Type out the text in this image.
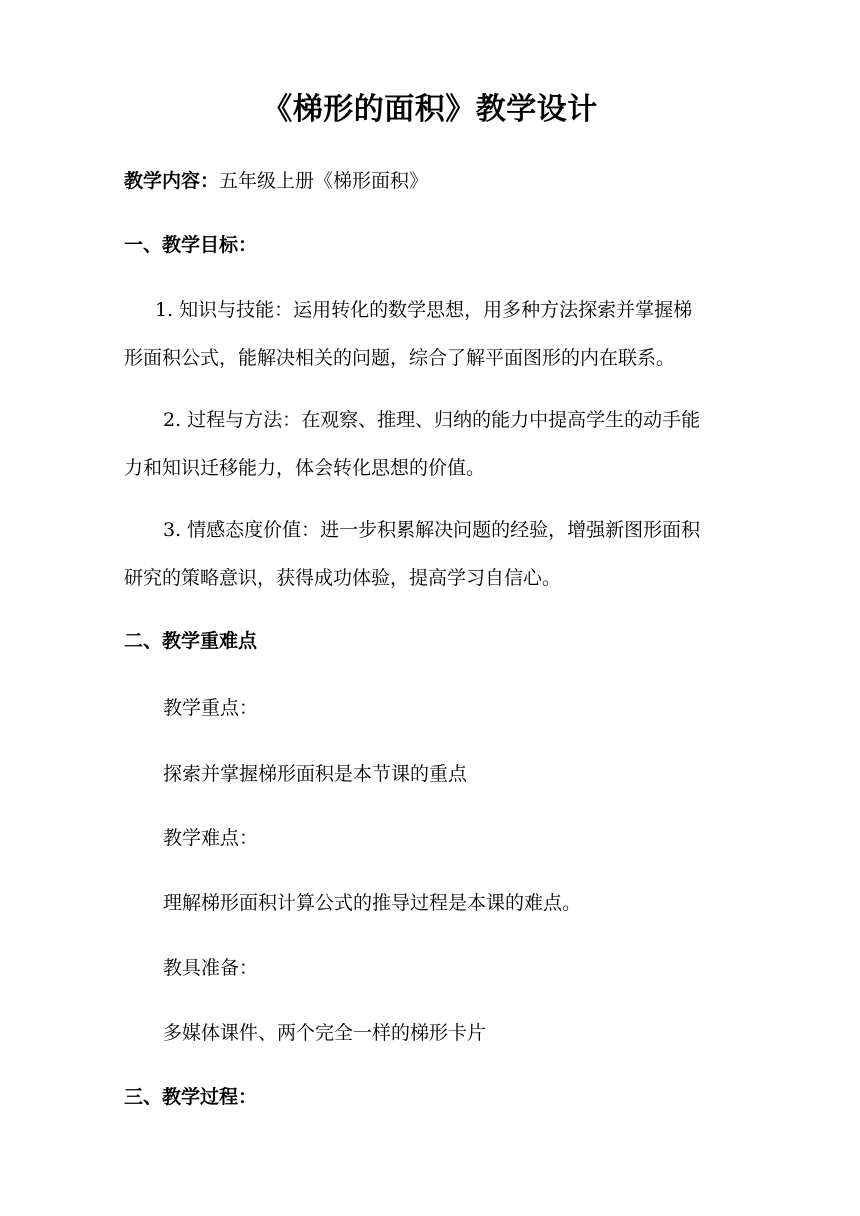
《梯形的面积》教学设计
教学内容：五年级上册《梯形面积》
一、教学目标：
1. 知识与技能：运用转化的数学思想，用多种方法探索并掌握梯
形面积公式，能解决相关的问题，综合了解平面图形的内在联系。
2. 过程与方法：在观察、推理、归纳的能力中提高学生的动手能
力和知识迁移能力，体会转化思想的价值。
3. 情感态度价值：进一步积累解决问题的经验，增强新图形面积
研究的策略意识，获得成功体验，提高学习自信心。
二、教学重难点
教学重点：
探索并掌握梯形面积是本节课的重点
教学难点：
理解梯形面积计算公式的推导过程是本课的难点。
教具准备：
多媒体课件、两个完全一样的梯形卡片
三、教学过程：
